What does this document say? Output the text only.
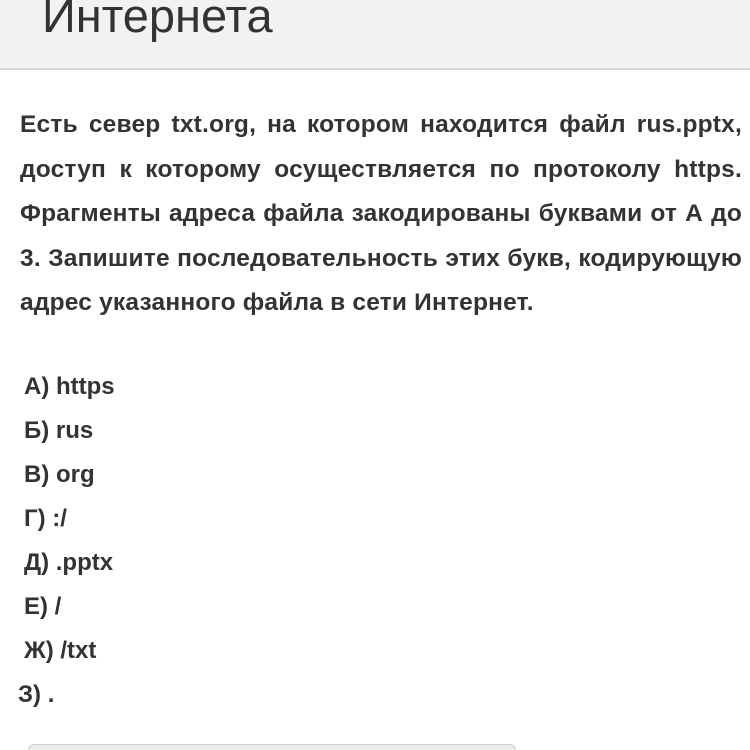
Интернета

Есть север txt.org, на котором находится файл rus.pptx, доступ к которому осуществляется по протоколу https. Фрагменты адреса файла закодированы буквами от А до 3. Запишите последовательность этих букв, кодирующую адрес указанного файла в сети Интернет.

А) https
Б) rus
В) org
Г) :/
Д) .pptx
Е) /
Ж) /txt
З) .
